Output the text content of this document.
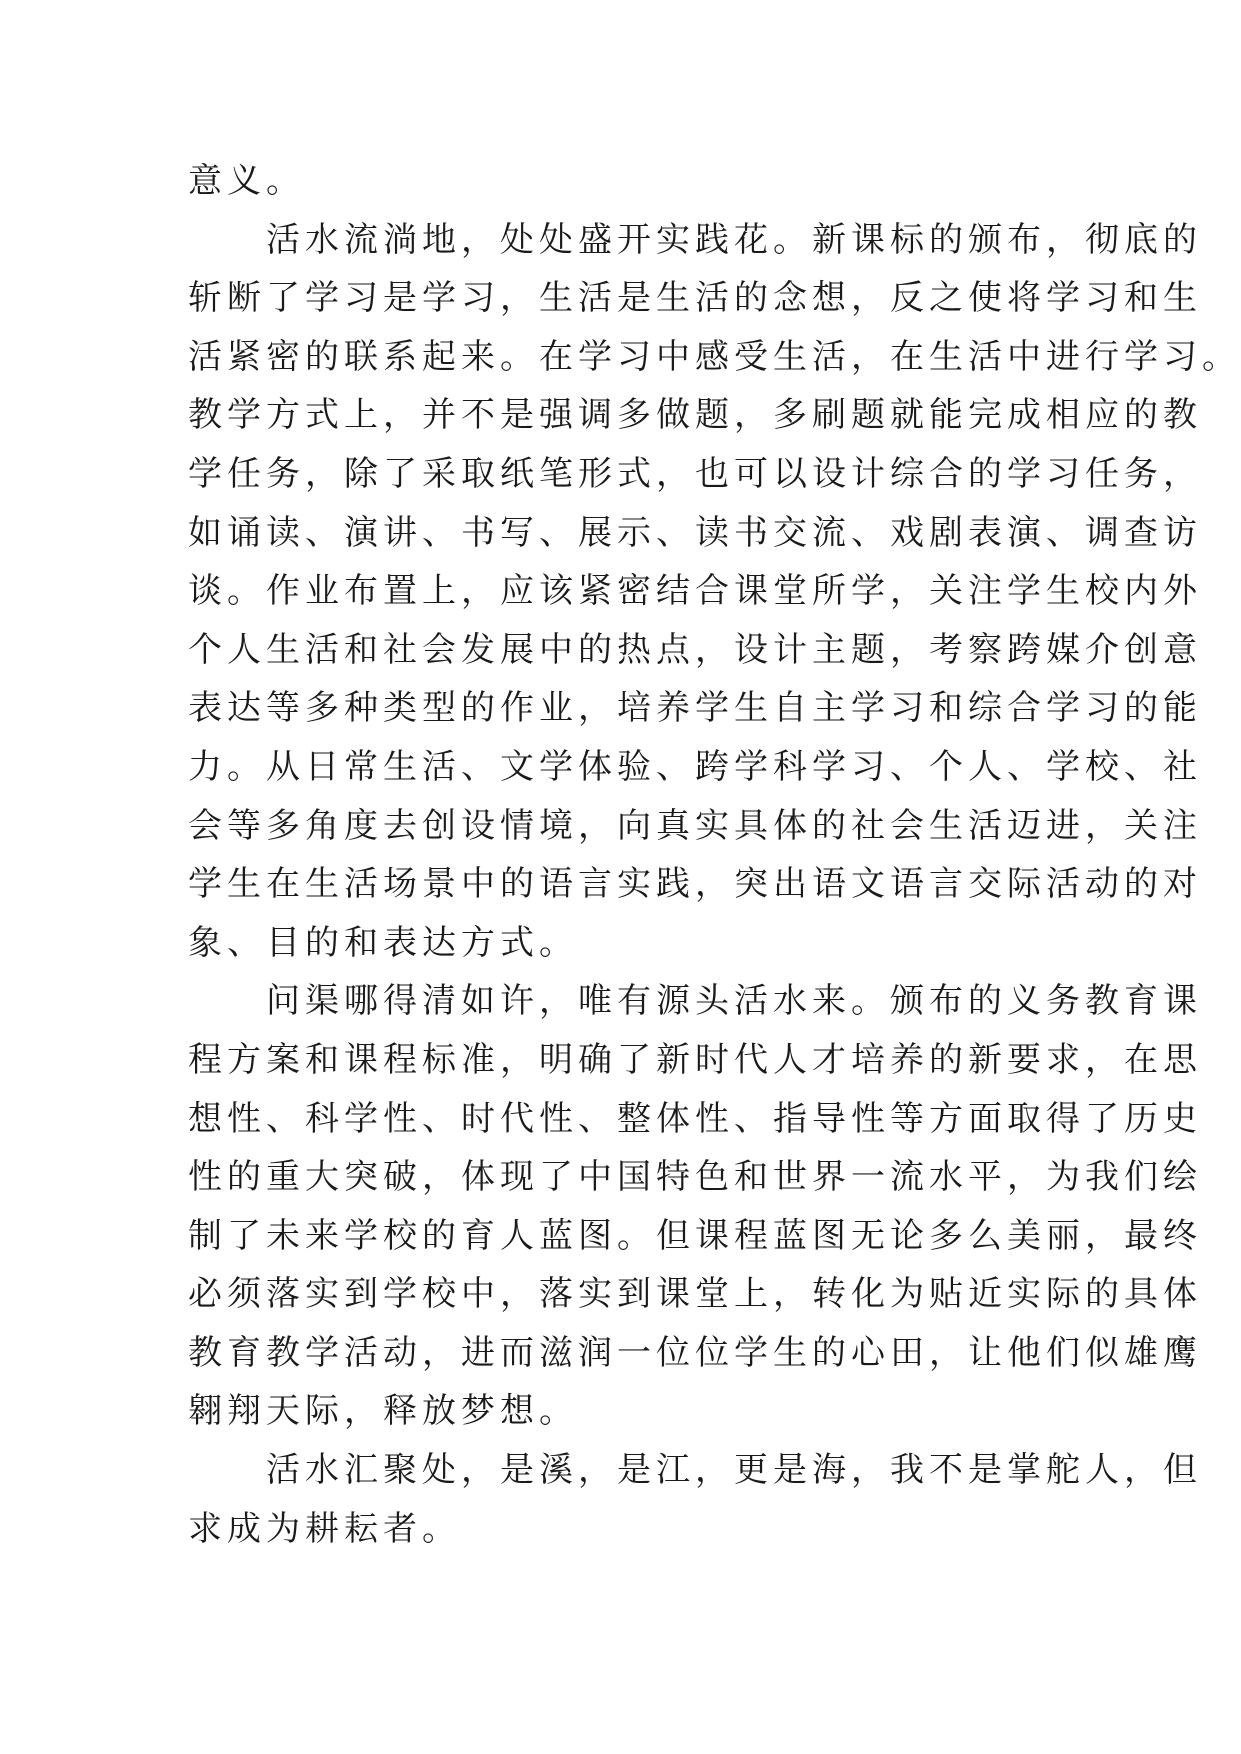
意义。
　　活水流淌地，处处盛开实践花。新课标的颁布，彻底的
斩断了学习是学习，生活是生活的念想，反之使将学习和生
活紧密的联系起来。在学习中感受生活，在生活中进行学习。
教学方式上，并不是强调多做题，多刷题就能完成相应的教
学任务，除了采取纸笔形式，也可以设计综合的学习任务，
如诵读、演讲、书写、展示、读书交流、戏剧表演、调查访
谈。作业布置上，应该紧密结合课堂所学，关注学生校内外
个人生活和社会发展中的热点，设计主题，考察跨媒介创意
表达等多种类型的作业，培养学生自主学习和综合学习的能
力。从日常生活、文学体验、跨学科学习、个人、学校、社
会等多角度去创设情境，向真实具体的社会生活迈进，关注
学生在生活场景中的语言实践，突出语文语言交际活动的对
象、目的和表达方式。
　　问渠哪得清如许，唯有源头活水来。颁布的义务教育课
程方案和课程标准，明确了新时代人才培养的新要求，在思
想性、科学性、时代性、整体性、指导性等方面取得了历史
性的重大突破，体现了中国特色和世界一流水平，为我们绘
制了未来学校的育人蓝图。但课程蓝图无论多么美丽，最终
必须落实到学校中，落实到课堂上，转化为贴近实际的具体
教育教学活动，进而滋润一位位学生的心田，让他们似雄鹰
翱翔天际，释放梦想。
　　活水汇聚处，是溪，是江，更是海，我不是掌舵人，但
求成为耕耘者。
